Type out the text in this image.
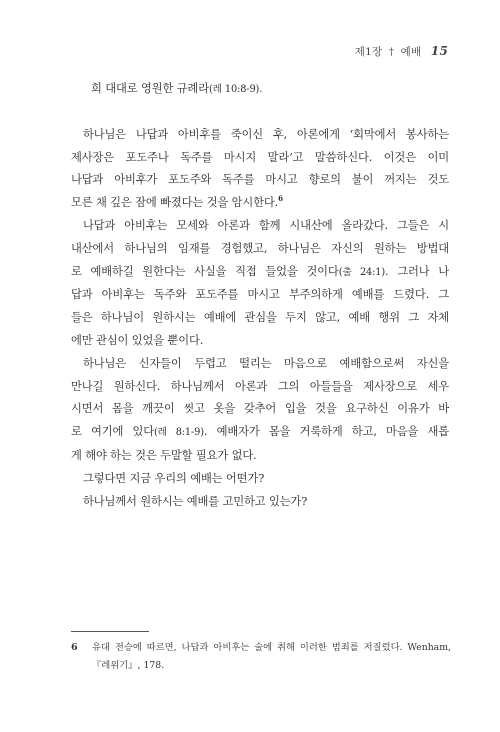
제1장 † 예배 15

희 대대로 영원한 규례라(레 10:8-9).

하나님은 나답과 아비후를 죽이신 후, 아론에게 ‘회막에서 봉사하는
제사장은 포도주나 독주를 마시지 말라’고 말씀하신다. 이것은 이미
나답과 아비후가 포도주와 독주를 마시고 향로의 불이 꺼지는 것도
모른 채 깊은 잠에 빠졌다는 것을 암시한다.$^6$

나답과 아비후는 모세와 아론과 함께 시내산에 올라갔다. 그들은 시
내산에서 하나님의 임재를 경험했고, 하나님은 자신의 원하는 방법대
로 예배하길 원한다는 사실을 직접 들었을 것이다(출 24:1). 그러나 나
답과 아비후는 독주와 포도주를 마시고 부주의하게 예배를 드렸다. 그
들은 하나님이 원하시는 예배에 관심을 두지 않고, 예배 행위 그 자체
에만 관심이 있었을 뿐이다.

하나님은 신자들이 두렵고 떨리는 마음으로 예배함으로써 자신을
만나길 원하신다. 하나님께서 아론과 그의 아들들을 제사장으로 세우
시면서 몸을 깨끗이 씻고 옷을 갖추어 입을 것을 요구하신 이유가 바
로 여기에 있다(레 8:1-9). 예배자가 몸을 거룩하게 하고, 마음을 새롭
게 해야 하는 것은 두말할 필요가 없다.

그렇다면 지금 우리의 예배는 어떤가?

하나님께서 원하시는 예배를 고민하고 있는가?

6 유대 전승에 따르면, 나답과 아비후는 술에 취해 이러한 범죄를 저질렀다. Wenham,
『레위기』, 178.
